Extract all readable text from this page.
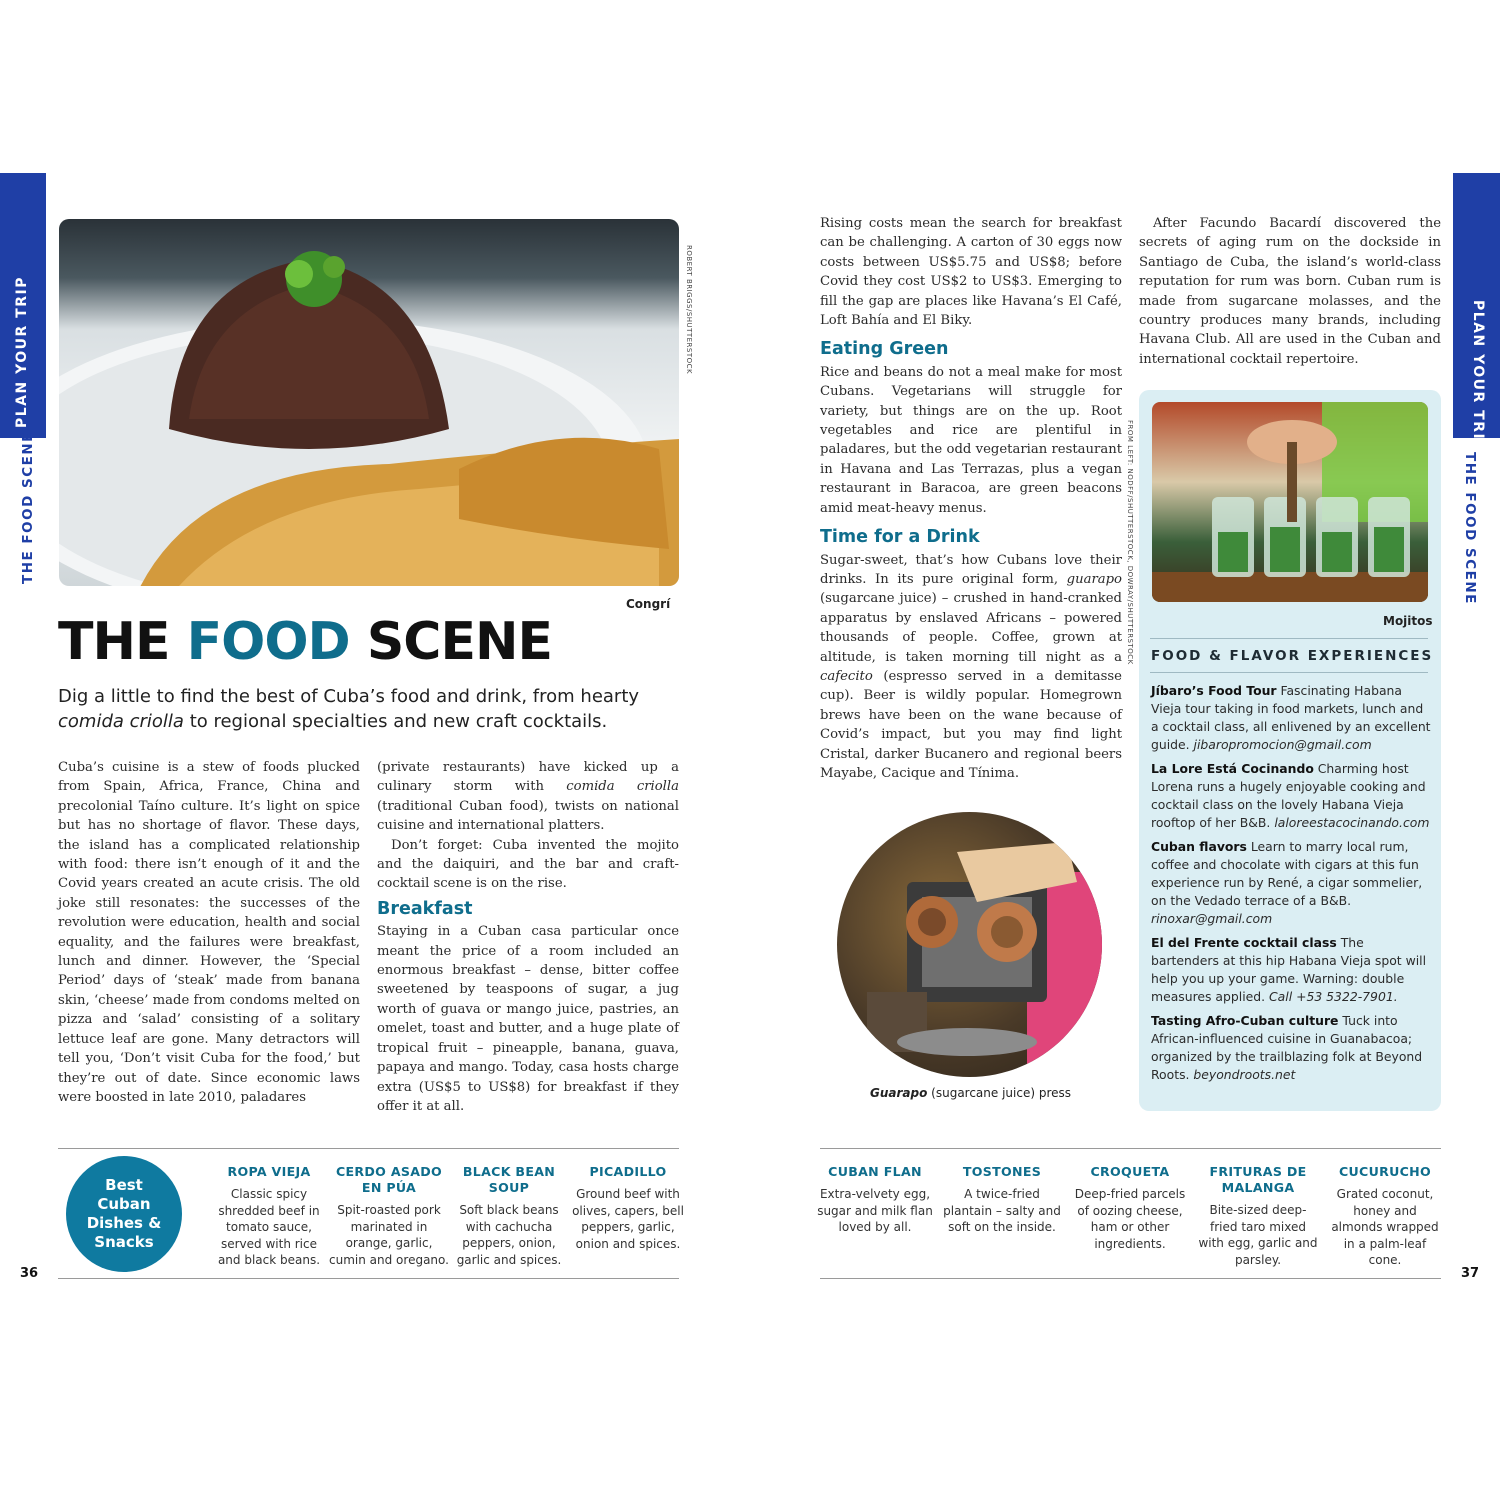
PLAN YOUR TRIP
THE FOOD SCENE
ROBERT BRIGGS/SHUTTERSTOCK
Congrí
THE FOOD SCENE
Dig a little to find the best of Cuba’s food and drink, from hearty
comida criolla to regional specialties and new craft cocktails.

Cuba’s cuisine is a stew of foods plucked from Spain, Africa, France, China and precolonial Taíno culture. It’s light on spice but has no shortage of flavor. These days, the island has a complicated relationship with food: there isn’t enough of it and the Covid years created an acute crisis. The old joke still resonates: the successes of the revolution were education, health and social equality, and the failures were breakfast, lunch and dinner. However, the ‘Special Period’ days of ‘steak’ made from banana skin, ‘cheese’ made from condoms melted on pizza and ‘salad’ consisting of a solitary lettuce leaf are gone. Many detractors will tell you, ‘Don’t visit Cuba for the food,’ but they’re out of date. Since economic laws were boosted in late 2010, paladares

(private restaurants) have kicked up a culinary storm with comida criolla (traditional Cuban food), twists on national cuisine and international platters.

Don’t forget: Cuba invented the mojito and the daiquiri, and the bar and craft-cocktail scene is on the rise.

Breakfast

Staying in a Cuban casa particular once meant the price of a room included an enormous breakfast – dense, bitter coffee sweetened by teaspoons of sugar, a jug worth of guava or mango juice, pastries, an omelet, toast and butter, and a huge plate of tropical fruit – pineapple, banana, guava, papaya and mango. Today, casa hosts charge extra (US$5 to US$8) for breakfast if they offer it at all.

Best Cuban Dishes & Snacks
ROPA VIEJA
Classic spicy shredded beef in tomato sauce, served with rice and black beans.
CERDO ASADO EN PÚA
Spit-roasted pork marinated in orange, garlic, cumin and oregano.
BLACK BEAN SOUP
Soft black beans with cachucha peppers, onion, garlic and spices.
PICADILLO
Ground beef with olives, capers, bell peppers, garlic, onion and spices.
36
PLAN YOUR TRIP
THE FOOD SCENE

Rising costs mean the search for breakfast can be challenging. A carton of 30 eggs now costs between US$5.75 and US$8; before Covid they cost US$2 to US$3. Emerging to fill the gap are places like Havana’s El Café, Loft Bahía and El Biky.

Eating Green

Rice and beans do not a meal make for most Cubans. Vegetarians will struggle for variety, but things are on the up. Root vegetables and rice are plentiful in paladares, but the odd vegetarian restaurant in Havana and Las Terrazas, plus a vegan restaurant in Baracoa, are green beacons amid meat-heavy menus.

Time for a Drink

Sugar-sweet, that’s how Cubans love their drinks. In its pure original form, guarapo (sugarcane juice) – crushed in hand-cranked apparatus by enslaved Africans – powered thousands of people. Coffee, grown at altitude, is taken morning till night as a cafecito (espresso served in a demitasse cup). Beer is wildly popular. Homegrown brews have been on the wane because of Covid’s impact, but you may find light Cristal, darker Bucanero and regional beers Mayabe, Cacique and Tínima.

FROM LEFT: NODFF/SHUTTERSTOCK, DOWRAY/SHUTTERSTOCK

After Facundo Bacardí discovered the secrets of aging rum on the dockside in Santiago de Cuba, the island’s world-class reputation for rum was born. Cuban rum is made from sugarcane molasses, and the country produces many brands, including Havana Club. All are used in the Cuban and international cocktail repertoire.

Guarapo (sugarcane juice) press
Mojitos
FOOD & FLAVOR EXPERIENCES

Jíbaro’s Food Tour Fascinating Habana Vieja tour taking in food markets, lunch and a cocktail class, all enlivened by an excellent guide. jibaropromocion@gmail.com

La Lore Está Cocinando Charming host Lorena runs a hugely enjoyable cooking and cocktail class on the lovely Habana Vieja rooftop of her B&B. laloreestacocinando.com

Cuban flavors Learn to marry local rum, coffee and chocolate with cigars at this fun experience run by René, a cigar sommelier, on the Vedado terrace of a B&B. rinoxar@gmail.com

El del Frente cocktail class The bartenders at this hip Habana Vieja spot will help you up your game. Warning: double measures applied. Call +53 5322-7901.

Tasting Afro-Cuban culture Tuck into African-influenced cuisine in Guanabacoa; organized by the trailblazing folk at Beyond Roots. beyondroots.net

CUBAN FLAN
Extra-velvety egg, sugar and milk flan loved by all.
TOSTONES
A twice-fried plantain – salty and soft on the inside.
CROQUETA
Deep-fried parcels of oozing cheese, ham or other ingredients.
FRITURAS DE MALANGA
Bite-sized deep-fried taro mixed with egg, garlic and parsley.
CUCURUCHO
Grated coconut, honey and almonds wrapped in a palm-leaf cone.
37
